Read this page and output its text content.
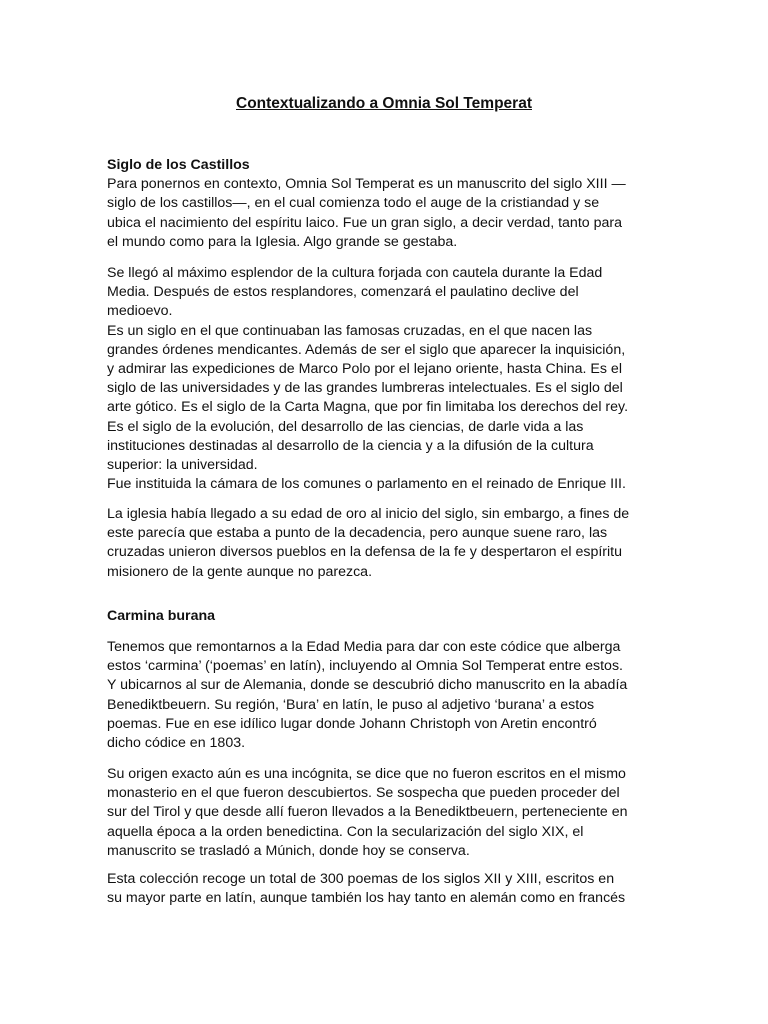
Contextualizando a Omnia Sol Temperat

Siglo de los Castillos

Para ponernos en contexto, Omnia Sol Temperat es un manuscrito del siglo XIII —
siglo de los castillos—, en el cual comienza todo el auge de la cristiandad y se
ubica el nacimiento del espíritu laico. Fue un gran siglo, a decir verdad, tanto para
el mundo como para la Iglesia. Algo grande se gestaba.

Se llegó al máximo esplendor de la cultura forjada con cautela durante la Edad
Media. Después de estos resplandores, comenzará el paulatino declive del
medioevo.
Es un siglo en el que continuaban las famosas cruzadas, en el que nacen las
grandes órdenes mendicantes. Además de ser el siglo que aparecer la inquisición,
y admirar las expediciones de Marco Polo por el lejano oriente, hasta China. Es el
siglo de las universidades y de las grandes lumbreras intelectuales. Es el siglo del
arte gótico. Es el siglo de la Carta Magna, que por fin limitaba los derechos del rey.
Es el siglo de la evolución, del desarrollo de las ciencias, de darle vida a las
instituciones destinadas al desarrollo de la ciencia y a la difusión de la cultura
superior: la universidad.
Fue instituida la cámara de los comunes o parlamento en el reinado de Enrique III.

La iglesia había llegado a su edad de oro al inicio del siglo, sin embargo, a fines de
este parecía que estaba a punto de la decadencia, pero aunque suene raro, las
cruzadas unieron diversos pueblos en la defensa de la fe y despertaron el espíritu
misionero de la gente aunque no parezca.

Carmina burana

Tenemos que remontarnos a la Edad Media para dar con este códice que alberga
estos ‘carmina’ (‘poemas’ en latín), incluyendo al Omnia Sol Temperat entre estos.
Y ubicarnos al sur de Alemania, donde se descubrió dicho manuscrito en la abadía
Benediktbeuern. Su región, ‘Bura’ en latín, le puso al adjetivo ‘burana’ a estos
poemas. Fue en ese idílico lugar donde Johann Christoph von Aretin encontró
dicho códice en 1803.

Su origen exacto aún es una incógnita, se dice que no fueron escritos en el mismo
monasterio en el que fueron descubiertos. Se sospecha que pueden proceder del
sur del Tirol y que desde allí fueron llevados a la Benediktbeuern, perteneciente en
aquella época a la orden benedictina. Con la secularización del siglo XIX, el
manuscrito se trasladó a Múnich, donde hoy se conserva.

Esta colección recoge un total de 300 poemas de los siglos XII y XIII, escritos en
su mayor parte en latín, aunque también los hay tanto en alemán como en francés
